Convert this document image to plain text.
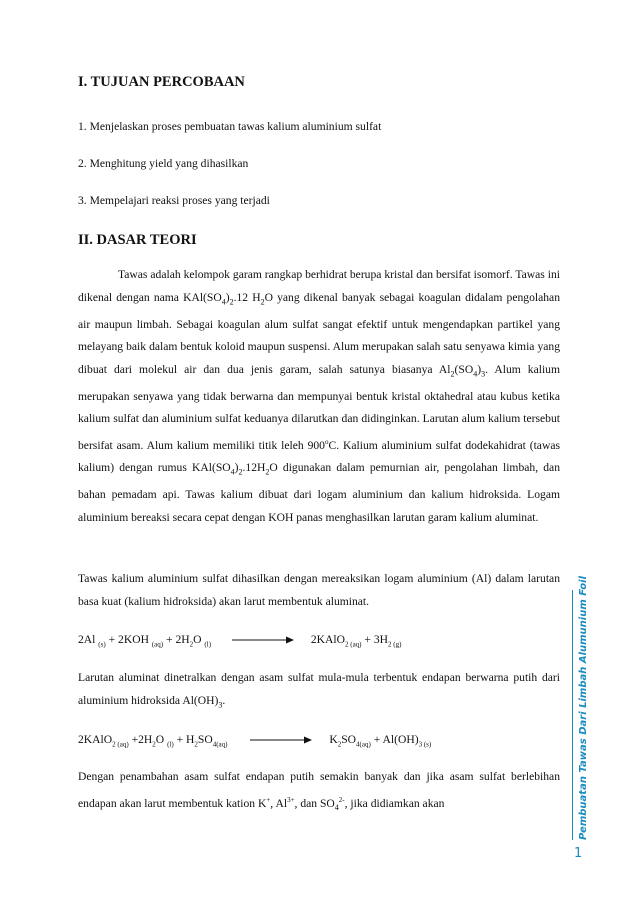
I. TUJUAN PERCOBAAN
1. Menjelaskan proses pembuatan tawas kalium aluminium sulfat
2. Menghitung yield yang dihasilkan
3. Mempelajari reaksi proses yang terjadi
II. DASAR TEORI
Tawas adalah kelompok garam rangkap berhidrat berupa kristal dan bersifat isomorf. Tawas ini dikenal dengan nama $KAl(SO_4)_2.12$ $H_2O$ yang dikenal banyak sebagai koagulan didalam pengolahan air maupun limbah. Sebagai koagulan alum sulfat sangat efektif untuk mengendapkan partikel yang melayang baik dalam bentuk koloid maupun suspensi. Alum merupakan salah satu senyawa kimia yang dibuat dari molekul air dan dua jenis garam, salah satunya biasanya $Al_2(SO_4)_3$. Alum kalium merupakan senyawa yang tidak berwarna dan mempunyai bentuk kristal oktahedral atau kubus ketika kalium sulfat dan aluminium sulfat keduanya dilarutkan dan didinginkan. Larutan alum kalium tersebut bersifat asam. Alum kalium memiliki titik leleh 900$^o$C. Kalium aluminium sulfat dodekahidrat (tawas kalium) dengan rumus $KAl(SO_4)_2.12H_2O$ digunakan dalam pemurnian air, pengolahan limbah, dan bahan pemadam api. Tawas kalium dibuat dari logam aluminium dan kalium hidroksida. Logam aluminium bereaksi secara cepat dengan KOH panas menghasilkan larutan garam kalium aluminat.
Tawas kalium aluminium sulfat dihasilkan dengan mereaksikan logam aluminium (Al) dalam larutan basa kuat (kalium hidroksida) akan larut membentuk aluminat.
2Al $_{(s)}$ + 2KOH $_{(aq)} + 2H_2O$ $_{(l)}$	2KAlO$_{2 (aq)}$ + $3H_{2 (g)}$
Larutan aluminat dinetralkan dengan asam sulfat mula-mula terbentuk endapan berwarna putih dari aluminium hidroksida $Al(OH)_3$.
2KAlO$_{2 (aq)}$ $+2H_2O$ $_{(l)} + H_2SO_{4(aq)}$	$K_2SO_{4(aq)} + Al(OH)_{3 (s)}$
Dengan penambahan asam sulfat endapan putih semakin banyak dan jika asam sulfat berlebihan endapan akan larut membentuk kation K+, $Al^{3+}$, dan $SO_4^{2-}$, jika didiamkan akan	Pembuatan Tawas Dari Limbah Alumunium Foil
1
